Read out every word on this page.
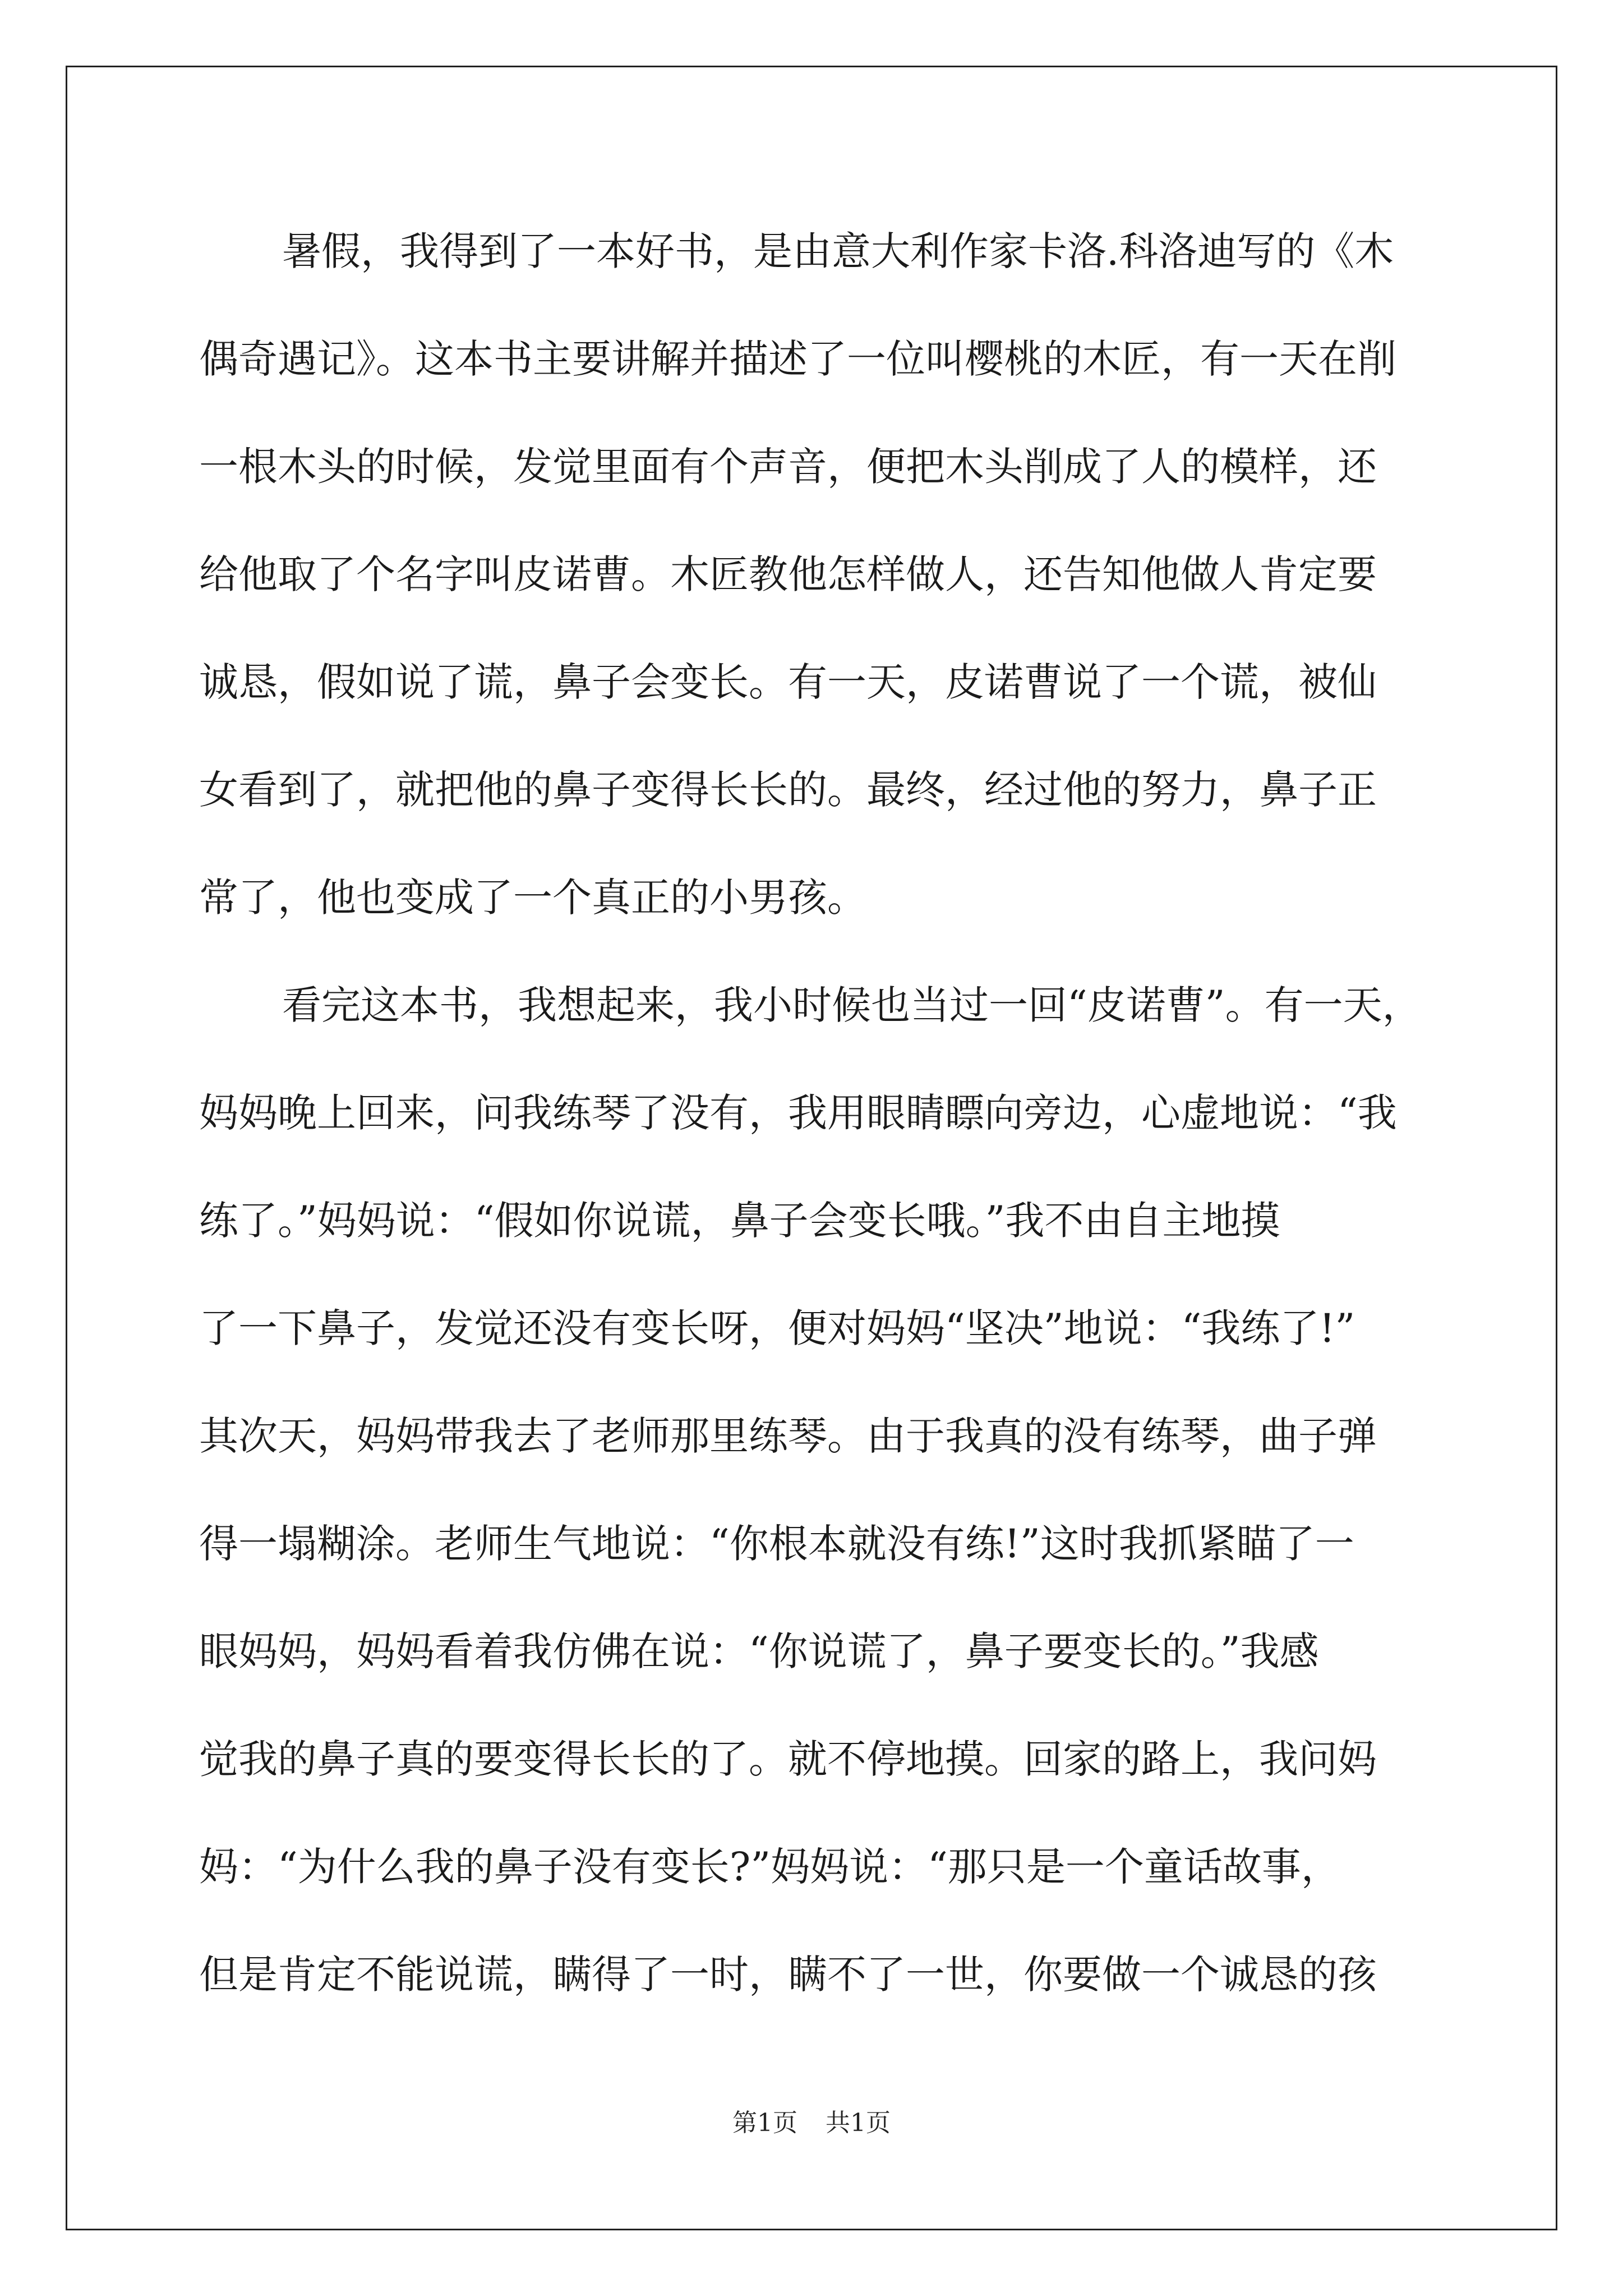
暑假，我得到了一本好书，是由意大利作家卡洛.科洛迪写的《木
偶奇遇记》。这本书主要讲解并描述了一位叫樱桃的木匠，有一天在削
一根木头的时候，发觉里面有个声音，便把木头削成了人的模样，还
给他取了个名字叫皮诺曹。木匠教他怎样做人，还告知他做人肯定要
诚恳，假如说了谎，鼻子会变长。有一天，皮诺曹说了一个谎，被仙
女看到了，就把他的鼻子变得长长的。最终，经过他的努力，鼻子正
常了，他也变成了一个真正的小男孩。
看完这本书，我想起来，我小时候也当过一回“皮诺曹”。有一天，
妈妈晚上回来，问我练琴了没有，我用眼睛瞟向旁边，心虚地说：“我
练了。”妈妈说：“假如你说谎，鼻子会变长哦。”我不由自主地摸
了一下鼻子，发觉还没有变长呀，便对妈妈“坚决”地说：“我练了!”
其次天，妈妈带我去了老师那里练琴。由于我真的没有练琴，曲子弹
得一塌糊涂。老师生气地说：“你根本就没有练!”这时我抓紧瞄了一
眼妈妈，妈妈看着我仿佛在说：“你说谎了，鼻子要变长的。”我感
觉我的鼻子真的要变得长长的了。就不停地摸。回家的路上，我问妈
妈：“为什么我的鼻子没有变长?”妈妈说：“那只是一个童话故事，
但是肯定不能说谎，瞒得了一时，瞒不了一世，你要做一个诚恳的孩
第1页 共1页
